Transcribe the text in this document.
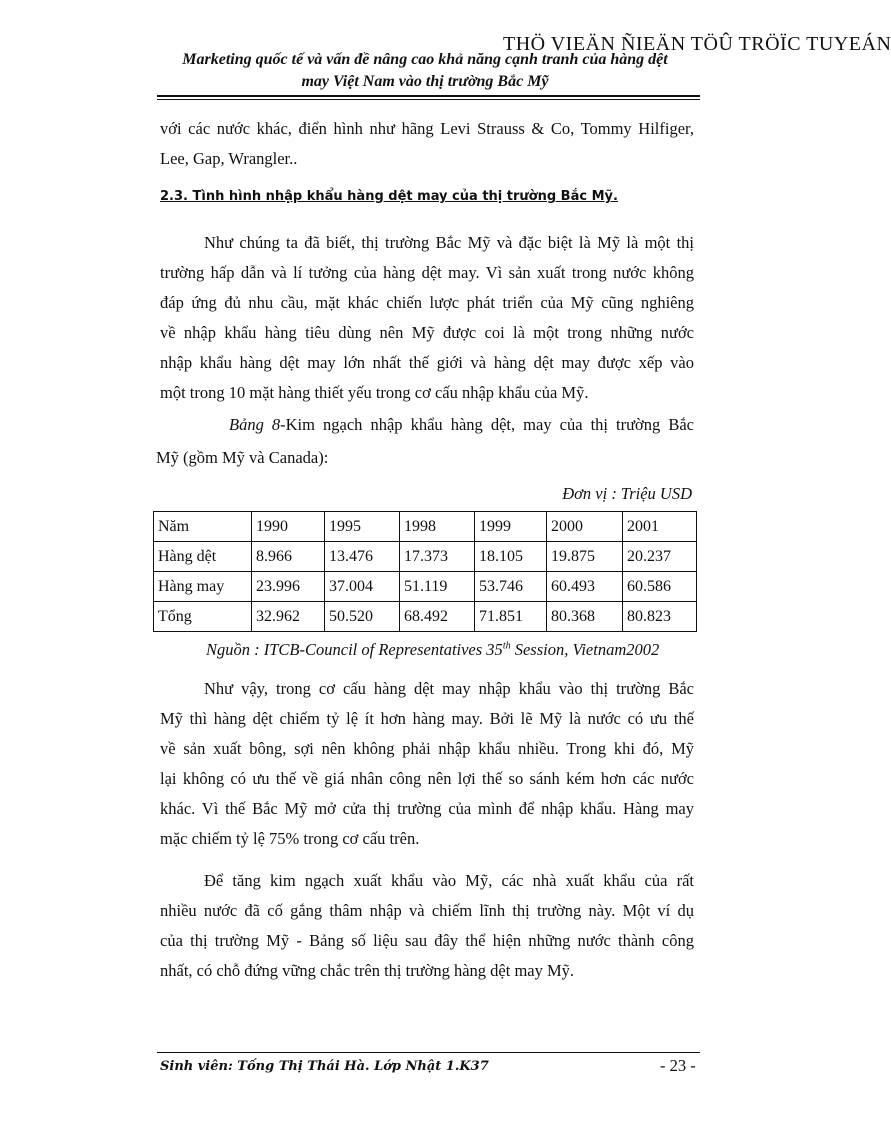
THÖ VIEÄN ÑIEÄN TÖÛ TRÖÏC TUYEÁN
Marketing quốc tế và vấn đề nâng cao khả năng cạnh tranh của hàng dệt
may Việt Nam vào thị trường Bắc Mỹ
với các nước khác, điển hình như hãng Levi Strauss & Co, Tommy Hilfiger,
Lee, Gap, Wrangler..
2.3. Tình hình nhập khẩu hàng dệt may của thị trường Bắc Mỹ.
Như chúng ta đã biết, thị trường Bắc Mỹ và đặc biệt là Mỹ là một thị
trường hấp dẫn và lí tưởng của hàng dệt may. Vì sản xuất trong nước không
đáp ứng đủ nhu cầu, mặt khác chiến lược phát triển của Mỹ cũng nghiêng
về nhập khẩu hàng tiêu dùng nên Mỹ được coi là một trong những nước
nhập khẩu hàng dệt may lớn nhất thế giới và hàng dệt may được xếp vào
một trong 10 mặt hàng thiết yếu trong cơ cấu nhập khẩu của Mỹ.
Bảng 8-Kim ngạch nhập khẩu hàng dệt, may của thị trường Bắc
Mỹ (gồm Mỹ và Canada):
Đơn vị : Triệu USD
Năm	1990	1995	1998	1999	2000	2001
Hàng dệt	8.966	13.476	17.373	18.105	19.875	20.237
Hàng may	23.996	37.004	51.119	53.746	60.493	60.586
Tổng	32.962	50.520	68.492	71.851	80.368	80.823
Nguồn : ITCB-Council of Representatives 35th Session, Vietnam2002
Như vậy, trong cơ cấu hàng dệt may nhập khẩu vào thị trường Bắc
Mỹ thì hàng dệt chiếm tỷ lệ ít hơn hàng may. Bởi lẽ Mỹ là nước có ưu thế
về sản xuất bông, sợi nên không phải nhập khẩu nhiều. Trong khi đó, Mỹ
lại không có ưu thế về giá nhân công nên lợi thế so sánh kém hơn các nước
khác. Vì thế Bắc Mỹ mở cửa thị trường của mình để nhập khẩu. Hàng may
mặc chiếm tỷ lệ 75% trong cơ cấu trên.
Để tăng kim ngạch xuất khẩu vào Mỹ, các nhà xuất khẩu của rất
nhiều nước đã cố gắng thâm nhập và chiếm lĩnh thị trường này. Một ví dụ
của thị trường Mỹ - Bảng số liệu sau đây thể hiện những nước thành công
nhất, có chỗ đứng vững chắc trên thị trường hàng dệt may Mỹ.
Sinh viên: Tống Thị Thái Hà. Lớp Nhật 1.K37	- 23 -
